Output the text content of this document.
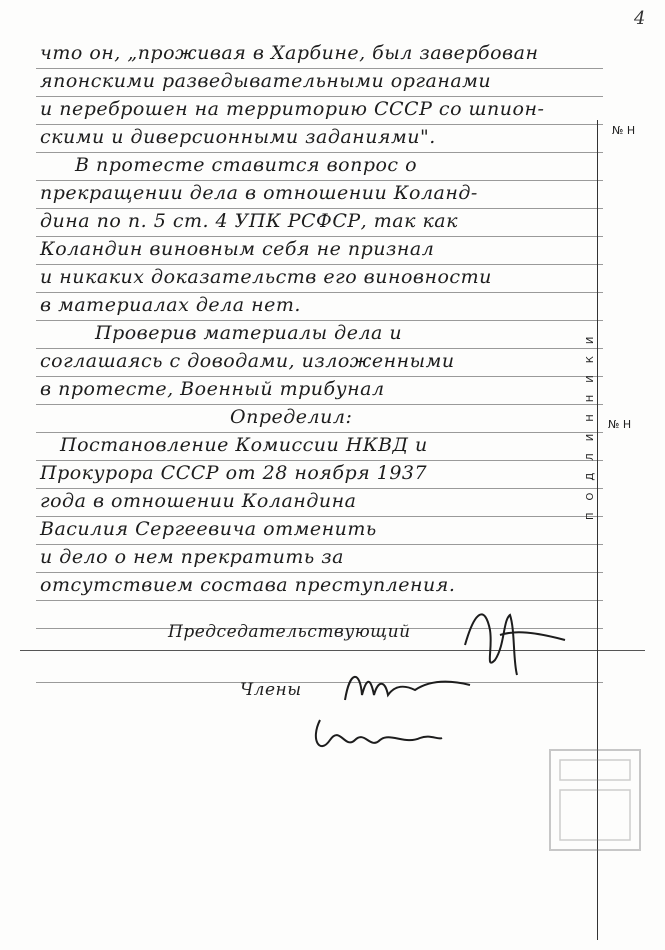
4
что он, „проживая в Харбине, был завербован
японскими разведывательными органами
и переброшен на территорию СССР со шпион-
скими и диверсионными заданиями".
В протесте ставится вопрос о
прекращении дела в отношении Коланд-
дина по п. 5 ст. 4 УПК РСФСР, так как
Коландин виновным себя не признал
и никаких доказательств его виновности
в материалах дела нет.
Проверив материалы дела и
соглашаясь с доводами, изложенными
в протесте, Военный трибунал
Определил:
Постановление Комиссии НКВД и
Прокурора СССР от 28 ноября 1937
года в отношении Коландина
Василия Сергеевича отменить
и дело о нем прекратить за
отсутствием состава преступления.
Председательствующий
Члены
№ Н
№ Н
ПОДЛИННИКИ
